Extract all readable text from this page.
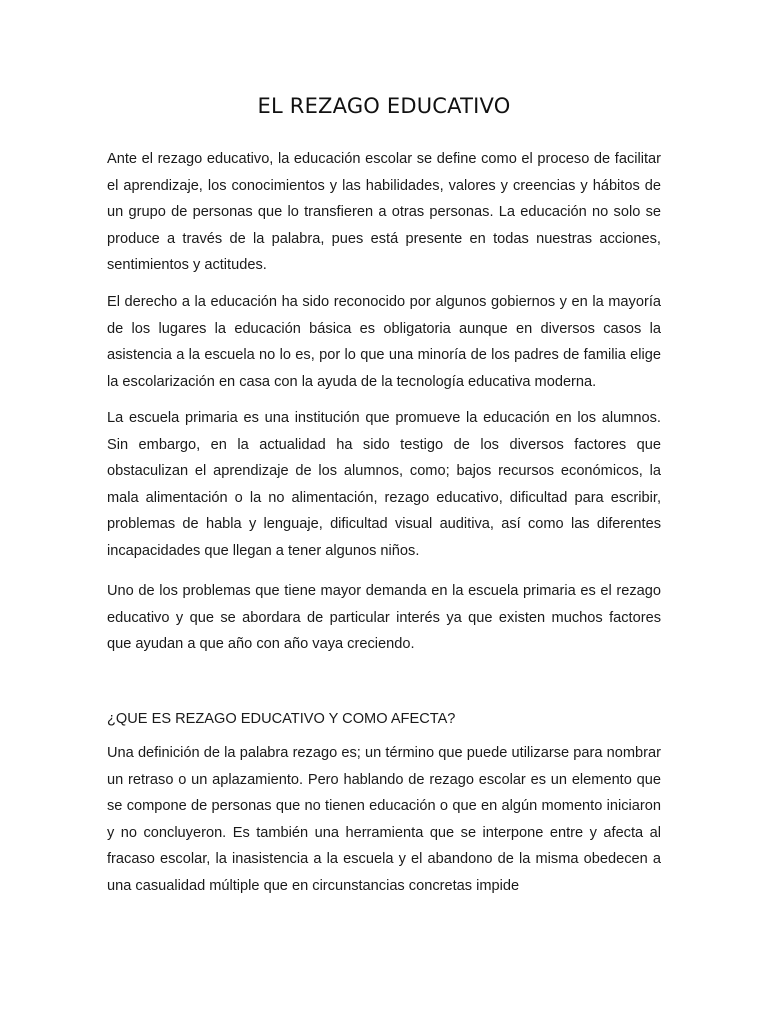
EL REZAGO EDUCATIVO

Ante el rezago educativo, la educación escolar se define como el proceso de facilitar el aprendizaje, los conocimientos y las habilidades, valores y creencias y hábitos de un grupo de personas que lo transfieren a otras personas. La educación no solo se produce a través de la palabra, pues está presente en todas nuestras acciones, sentimientos y actitudes.

El derecho a la educación ha sido reconocido por algunos gobiernos y en la mayoría de los lugares la educación básica es obligatoria aunque en diversos casos la asistencia a la escuela no lo es, por lo que una minoría de los padres de familia elige la escolarización en casa con la ayuda de la tecnología educativa moderna.

La escuela primaria es una institución que promueve la educación en los alumnos. Sin embargo, en la actualidad ha sido testigo de los diversos factores que obstaculizan el aprendizaje de los alumnos, como; bajos recursos económicos, la mala alimentación o la no alimentación, rezago educativo, dificultad para escribir, problemas de habla y lenguaje, dificultad visual auditiva, así como las diferentes incapacidades que llegan a tener algunos niños.

Uno de los problemas que tiene mayor demanda en la escuela primaria es el rezago educativo y que se abordara de particular interés ya que existen muchos factores que ayudan a que año con año vaya creciendo.

¿QUE ES REZAGO EDUCATIVO Y COMO AFECTA?

Una definición de la palabra rezago es; un término que puede utilizarse para nombrar un retraso o un aplazamiento. Pero hablando de rezago escolar es un elemento que se compone de personas que no tienen educación o que en algún momento iniciaron y no concluyeron. Es también una herramienta que se interpone entre y afecta al fracaso escolar, la inasistencia a la escuela y el abandono de la misma obedecen a una casualidad múltiple que en circunstancias concretas impide
